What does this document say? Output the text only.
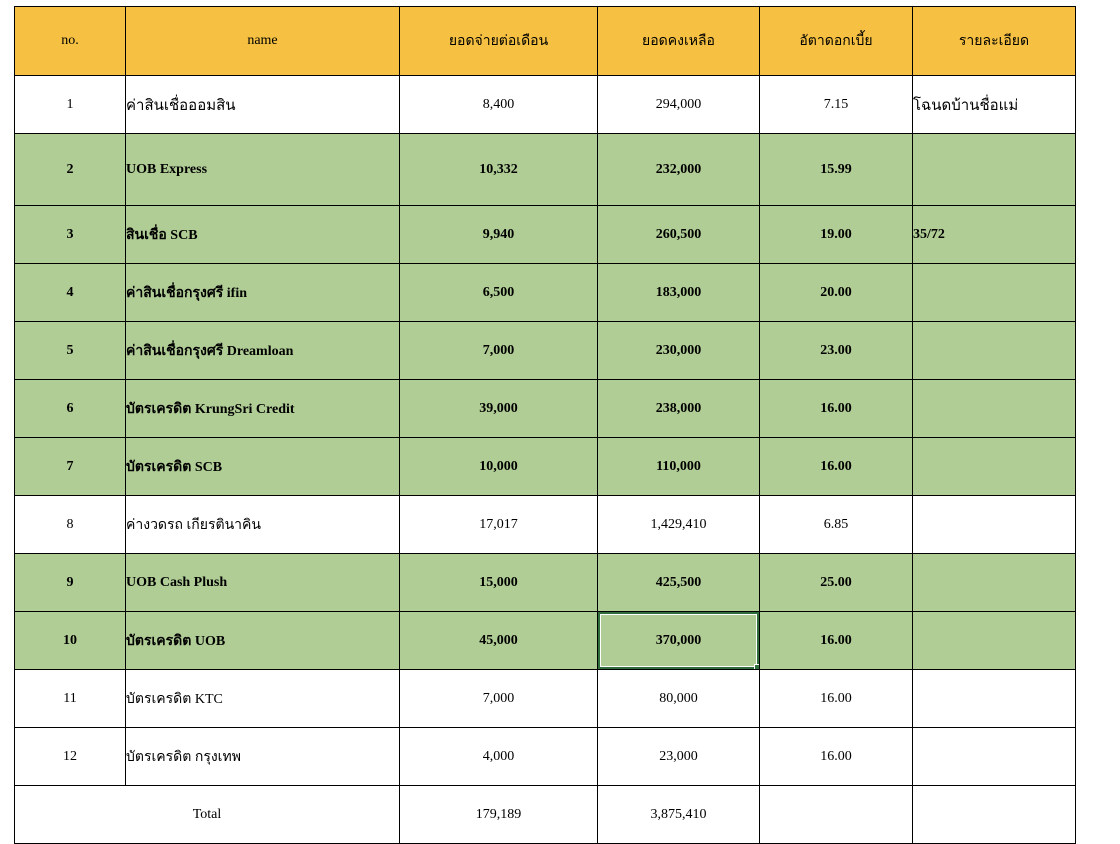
no.	name	ยอดจ่ายต่อเดือน	ยอดคงเหลือ	อัตาดอกเบี้ย	รายละเอียด
1	ค่าสินเชื่อออมสิน	8,400	294,000	7.15	โฉนดบ้านชื่อแม่
2	UOB Express	10,332	232,000	15.99	
3	สินเชื่อ SCB	9,940	260,500	19.00	35/72
4	ค่าสินเชื่อกรุงศรี ifin	6,500	183,000	20.00	
5	ค่าสินเชื่อกรุงศรี Dreamloan	7,000	230,000	23.00	
6	บัตรเครดิต KrungSri Credit	39,000	238,000	16.00	
7	บัตรเครดิต SCB	10,000	110,000	16.00	
8	ค่างวดรถ เกียรตินาคิน	17,017	1,429,410	6.85	
9	UOB Cash Plush	15,000	425,500	25.00	
10	บัตรเครดิต UOB	45,000	370,000	16.00	
11	บัตรเครดิต KTC	7,000	80,000	16.00	
12	บัตรเครดิต กรุงเทพ	4,000	23,000	16.00	
Total		179,189	3,875,410		
